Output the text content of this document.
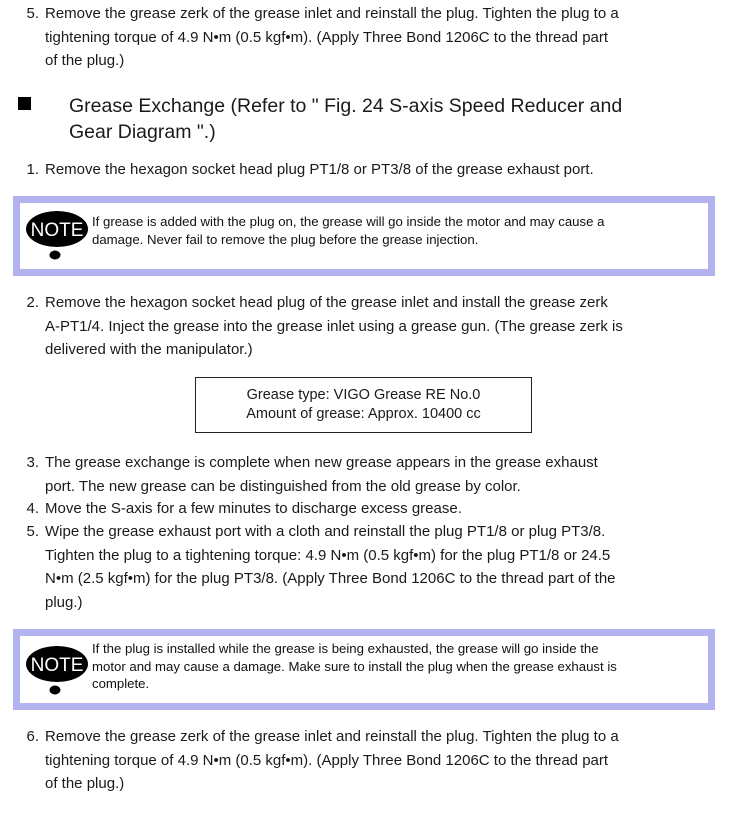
5. Remove the grease zerk of the grease inlet and reinstall the plug. Tighten the plug to a
tightening torque of 4.9 N•m (0.5 kgf•m). (Apply Three Bond 1206C to the thread part
of the plug.)
Grease Exchange (Refer to " Fig. 24 S-axis Speed Reducer and
Gear Diagram ".)
1. Remove the hexagon socket head plug PT1/8 or PT3/8 of the grease exhaust port.
NOTE If grease is added with the plug on, the grease will go inside the motor and may cause a
damage. Never fail to remove the plug before the grease injection.
2. Remove the hexagon socket head plug of the grease inlet and install the grease zerk
A-PT1/4. Inject the grease into the grease inlet using a grease gun. (The grease zerk is
delivered with the manipulator.)
Grease type: VIGO Grease RE No.0
Amount of grease: Approx. 10400 cc
3. The grease exchange is complete when new grease appears in the grease exhaust
port. The new grease can be distinguished from the old grease by color.
4. Move the S-axis for a few minutes to discharge excess grease.
5. Wipe the grease exhaust port with a cloth and reinstall the plug PT1/8 or plug PT3/8.
Tighten the plug to a tightening torque: 4.9 N•m (0.5 kgf•m) for the plug PT1/8 or 24.5
N•m (2.5 kgf•m) for the plug PT3/8. (Apply Three Bond 1206C to the thread part of the
plug.)
NOTE
If the plug is installed while the grease is being exhausted, the grease will go inside the
motor and may cause a damage. Make sure to install the plug when the grease exhaust is
complete.
6. Remove the grease zerk of the grease inlet and reinstall the plug. Tighten the plug to a
tightening torque of 4.9 N•m (0.5 kgf•m). (Apply Three Bond 1206C to the thread part
of the plug.)
